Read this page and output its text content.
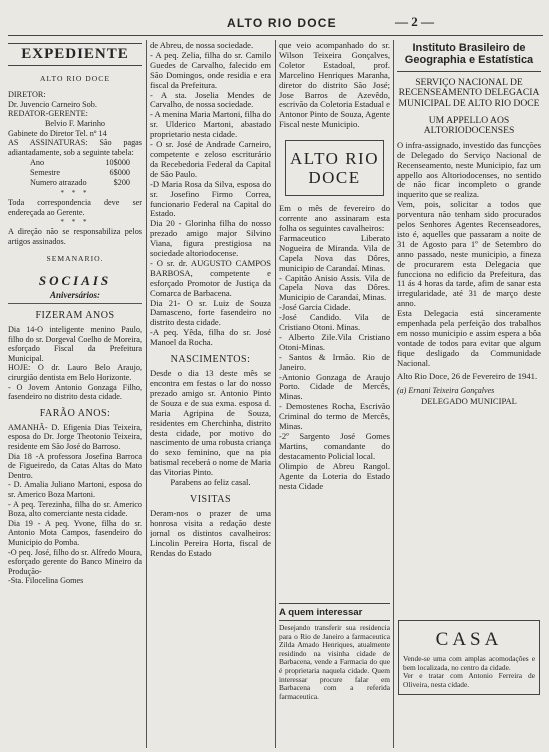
ALTO RIO DOCE	— 2 —
EXPEDIENTE

ALTO RIO DOCE

DIRETOR:

Dr. Juvencio Carneiro Sob.

REDATOR-GERENTE:

Belvio F. Marinho

Gabinete do Diretor Tel. nº 14

AS ASSINATURAS: São pagas adiantadamente, sob a seguinte tabela:

Ano	10$000
Semestre	6$000
Numero atrazado	$200
* * *

Toda correspondencia deve ser endereçada ao Gerente.

* * *

A direção não se responsabiliza pelos artigos assinados.

SEMANARIO.

SOCIAIS
Aniversários:
FIZERAM ANOS

Dia 14-O inteligente menino Paulo, filho do sr. Dorgeval Coelho de Moreira, esforçado Fiscal da Prefeitura Municipal.

HOJE: O dr. Lauro Belo Araujo, cirurgião dentista em Belo Horizonte.

- O Jovem Antonio Gonzaga Filho, fasendeiro no distrito desta cidade.

FARÃO ANOS:

AMANHÃ- D. Efigenia Dias Teixeira, esposa do Dr. Jorge Theotonio Teixeira, residente em São José do Barroso.

Dia 18 -A professora Josefina Barroca de Figueiredo, da Catas Altas do Mato Dentro.

- D. Amalia Juliano Martoni, esposa do sr. Americo Boza Martoni.

- A peq. Terezinha, filha do sr. Americo Boza, alto comerciante nesta cidade.

Dia 19 - A peq. Yvone, filha do sr. Antonio Mota Campos, fasendeiro do Municipio do Pomba.

-O peq. José, filho do sr. Alfredo Moura, esforçado gerente do Banco Mineiro da Produção-

-Sta. Filocelina Gomes

de Abreu, de nossa sociedade.

- A peq. Zelia, filha do sr. Camilo Guedes de Carvalho, falecido em São Domingos, onde residia e era fiscal da Prefeitura.

- A sta. Joselia Mendes de Carvalho, de nossa sociedade.

- A menina Maria Martoni, filha do sr. Ulderico Martoni, abastado proprietario nesta cidade.

- O sr. José de Andrade Carneiro, competente e zeloso escriturário da Recebedoria Federal da Capital de São Paulo.

-D Maria Rosa da Silva, esposa do sr. Josefino Firmo Correa, funcionario Federal na Capital do Estado.

Dia 20 - Glorinha filha do nosso prezado amigo major Silvino Viana, figura prestigiosa na sociedade altoriodocense.

- O sr. dr. AUGUSTO CAMPOS BARBOSA, competente e esforçado Promotor de Justiça da Comarca de Barbacena.

Dia 21- O sr. Luiz de Souza Damasceno, forte fasendeiro no distrito desta cidade.

-A peq. Yêda, filha do sr. José Manoel da Rocha.

NASCIMENTOS:

Desde o dia 13 deste mês se encontra em festas o lar do nosso prezado amigo sr. Antonio Pinto de Souza e de sua exma. esposa d. Maria Agripina de Souza, residentes em Cherchinha, distrito desta cidade, por motivo do nascimento de uma robusta criança do sexo feminino, que na pia batismal receberá o nome de Maria das Vitorias Pinto.

Parabens ao feliz casal.

VISITAS

Deram-nos o prazer de uma honrosa visita a redação deste jornal os distintos cavalheiros: Lincolin Pereira Horta, fiscal de Rendas do Estado

que veio acompanhado do sr. Wilson Teixeira Gonçalves, Coletor Estadoal, prof. Marcelino Henriques Maranha, diretor do distrito São José; Jose Barros de Azevêdo, escrivão da Coletoria Estadual e Antonor Pinto de Souza, Agente Fiscal neste Municipio.

ALTO RIO DOCE

Em o mês de fevereiro do corrente ano assinaram esta folha os seguintes cavalheiros:

Farmaceutico Liberato Nogueira de Miranda. Vila de Capela Nova das Dôres, municipio de Carandaí. Minas.

- Capitão Anisio Assis. Vila de Capela Nova das Dôres. Municipio de Carandaí, Minas.

-José Garcia Cidade.

-José Candido. Vila de Cristiano Otoni. Minas.

- Alberto Zile.Vila Cristiano Otoni-Minas.

- Santos & Irmão. Rio de Janeiro.

-Antonio Gonzaga de Araujo Porto. Cidade de Mercês, Minas.

- Demostenes Rocha, Escrivão Criminal do termo de Mercês, Minas.

-2º Sargento José Gomes Martins, comandante do destacamento Policial local.

Olimpio de Abreu Rangol. Agente da Loteria do Estado nesta Cidade

A quem interessar

Desejando transferir sua residencia para o Rio de Janeiro a farmaceutica Zilda Amado Henriques, atualmente residindo na visinha cidade de Barbacena, vende a Farmacia do que é proprietaria naquela cidade. Quem interessar procure falar em Barbacena com a referida farmaceutica.

Instituto Brasileiro de Geographia e Estatística
SERVIÇO NACIONAL DE RECENSEAMENTO DELEGACIA MUNICIPAL DE ALTO RIO DOCE
UM APPELLO AOS ALTORIODOCENSES

O infra-assignado, investido das funcções de Delegado do Serviço Nacional de Recenseamento, neste Municipio, faz um appello aos Altoriodocenses, no sentido de não ficar incompleto o grande inquerito que se realiza.

Vem, pois, solicitar a todos que porventura não tenham sido procurados pelos Senhores Agentes Recenseadores, isto é, aquelles que passaram a noite de 31 de Agosto para 1º de Setembro do anno passado, neste municipio, a fineza de procurarem esta Delegacia que funcciona no edificio da Prefeitura, das 11 ás 4 horas da tarde, afim de sanar esta irregularidade, até 31 de março deste anno.

Esta Delegacia está sinceramente empenhada pela perfeição dos trabalhos em nosso municipio e assim espera a bôa vontade de todos para evitar que algum fique desligado da Communidade Nacional.

Alto Rio Doce, 26 de Fevereiro de 1941.

(a) Ernani Teixeira Gonçalves

DELEGADO MUNICIPAL

CASA

Vende-se uma com amplas acomodações e bem localizada, no centro da cidade.

Ver e tratar com Antonio Ferreira de Oliveira, nesta cidade.
